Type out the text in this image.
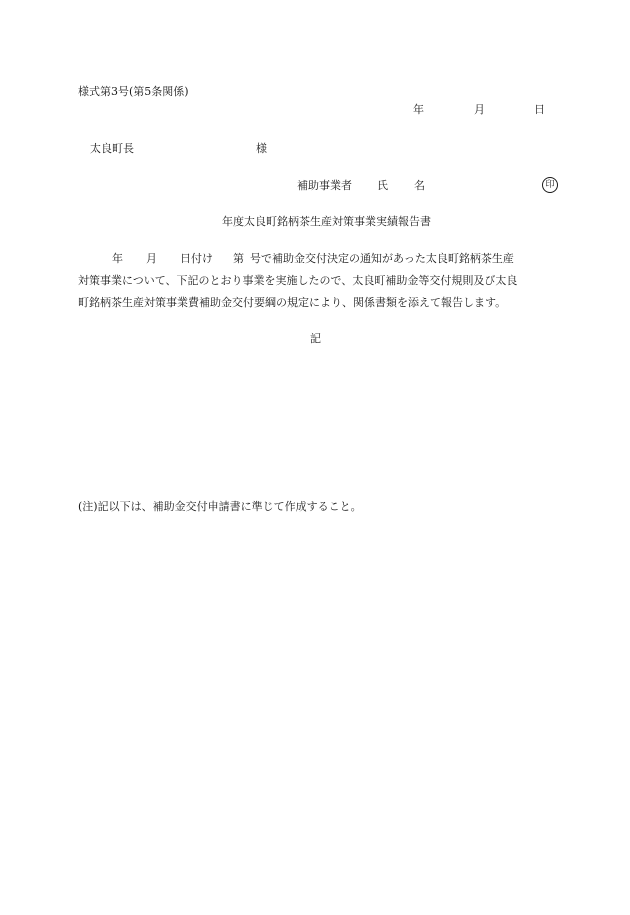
様式第3号(第5条関係)
年	月	日
太良町長	様
補助事業者 氏 名	印
年度太良町銘柄茶生産対策事業実績報告書
年 月 日付け 第 号で補助金交付決定の通知があった太良町銘柄茶生産
対策事業について、下記のとおり事業を実施したので、太良町補助金等交付規則及び太良
町銘柄茶生産対策事業費補助金交付要綱の規定により、関係書類を添えて報告します。
記
(注)記以下は、補助金交付申請書に準じて作成すること。
